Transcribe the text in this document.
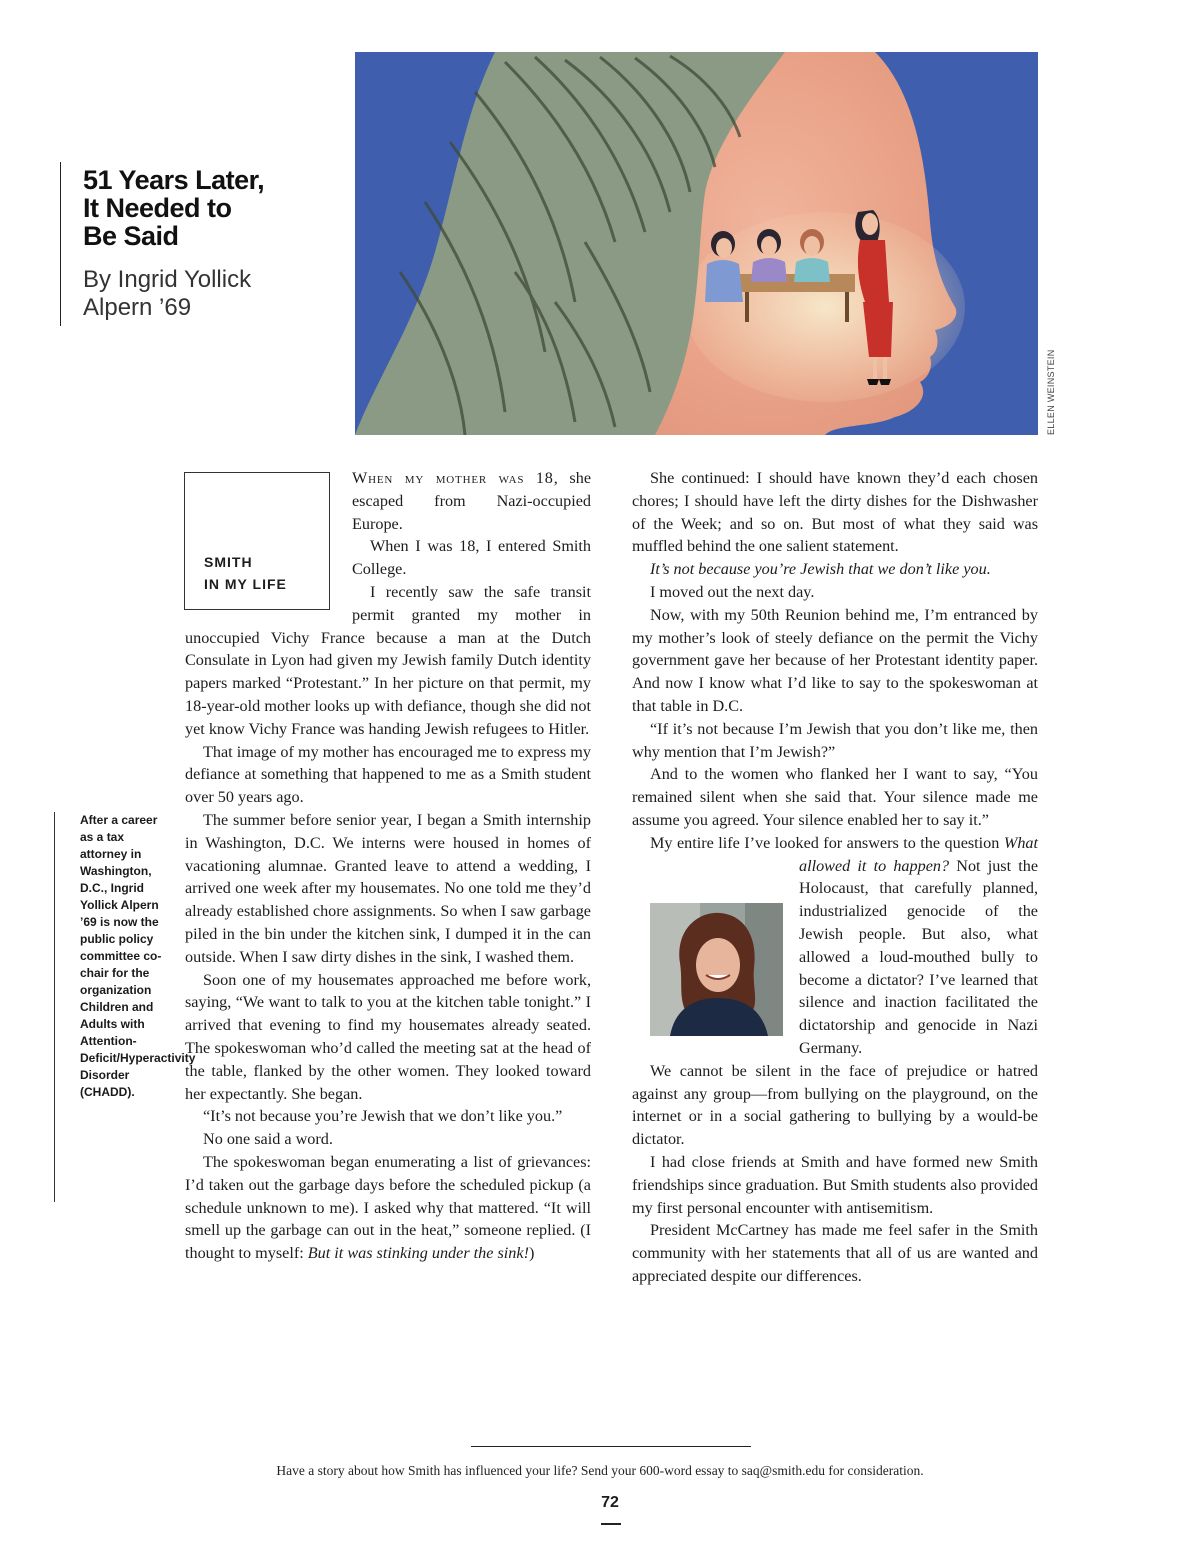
51 Years Later,
It Needed to
Be Said
By Ingrid Yollick
Alpern ’69
ELLEN WEINSTEIN
SMITH
IN MY LIFE

After a career as a tax attorney in Washington, D.C., Ingrid Yollick Alpern ’69 is now the public policy committee co-chair for the organization Children and Adults with Attention-Deficit/Hyperactivity Disorder (CHADD).

When my mother was 18, she escaped from Nazi-occupied Europe.

When I was 18, I entered Smith College.

I recently saw the safe transit permit granted my mother in unoccupied Vichy France because a man at the Dutch Consulate in Lyon had given my Jewish family Dutch identity papers marked “Protestant.” In her picture on that permit, my 18-year-old mother looks up with defiance, though she did not yet know Vichy France was handing Jewish refugees to Hitler.

That image of my mother has encouraged me to express my defiance at something that happened to me as a Smith student over 50 years ago.

The summer before senior year, I began a Smith internship in Washington, D.C. We interns were housed in homes of vacationing alumnae. Granted leave to attend a wedding, I arrived one week after my housemates. No one told me they’d already established chore assignments. So when I saw garbage piled in the bin under the kitchen sink, I dumped it in the can outside. When I saw dirty dishes in the sink, I washed them.

Soon one of my housemates approached me before work, saying, “We want to talk to you at the kitchen table tonight.” I arrived that evening to find my housemates already seated. The spokeswoman who’d called the meeting sat at the head of the table, flanked by the other women. They looked toward her expectantly. She began.

“It’s not because you’re Jewish that we don’t like you.”

No one said a word.

The spokeswoman began enumerating a list of grievances: I’d taken out the garbage days before the scheduled pickup (a schedule unknown to me). I asked why that mattered. “It will smell up the garbage can out in the heat,” someone replied. (I thought to myself: But it was stinking under the sink!)

She continued: I should have known they’d each chosen chores; I should have left the dirty dishes for the Dishwasher of the Week; and so on. But most of what they said was muffled behind the one salient statement.

It’s not because you’re Jewish that we don’t like you.

I moved out the next day.

Now, with my 50th Reunion behind me, I’m entranced by my mother’s look of steely defiance on the permit the Vichy government gave her because of her Protestant identity paper. And now I know what I’d like to say to the spokeswoman at that table in D.C.

“If it’s not because I’m Jewish that you don’t like me, then why mention that I’m Jewish?”

And to the women who flanked her I want to say, “You remained silent when she said that. Your silence made me assume you agreed. Your silence enabled her to say it.”

My entire life I’ve looked for answers to the question What allowed it to happen? Not just the Holocaust, that carefully planned, industrialized genocide of the Jewish people. But also, what allowed a loud-mouthed bully to become a dictator? I’ve learned that silence and inaction facilitated the dictatorship and genocide in Nazi Germany.

We cannot be silent in the face of prejudice or hatred against any group—from bullying on the playground, on the internet or in a social gathering to bullying by a would-be dictator.

I had close friends at Smith and have formed new Smith friendships since graduation. But Smith students also provided my first personal encounter with antisemitism.

President McCartney has made me feel safer in the Smith community with her statements that all of us are wanted and appreciated despite our differences.

Have a story about how Smith has influenced your life? Send your 600-word essay to saq@smith.edu for consideration.
72
